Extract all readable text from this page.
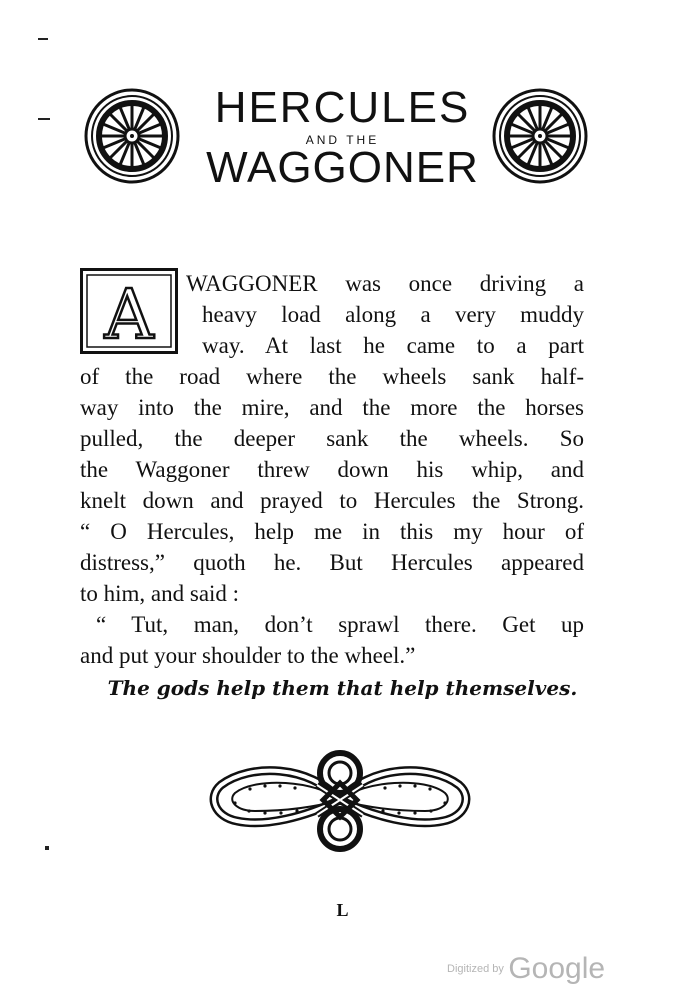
HERCULES
AND THE
WAGGONER
A WAGGONER was once driving a
heavy load along a very muddy
way. At last he came to a part
of the road where the wheels sank half-
way into the mire, and the more the horses
pulled, the deeper sank the wheels. So
the Waggoner threw down his whip, and
knelt down and prayed to Hercules the Strong.
“ O Hercules, help me in this my hour of
distress,” quoth he. But Hercules appeared
to him, and said :
“ Tut, man, don’t sprawl there. Get up
and put your shoulder to the wheel.”
The gods help them that help themselves.
L
Digitized by Google
